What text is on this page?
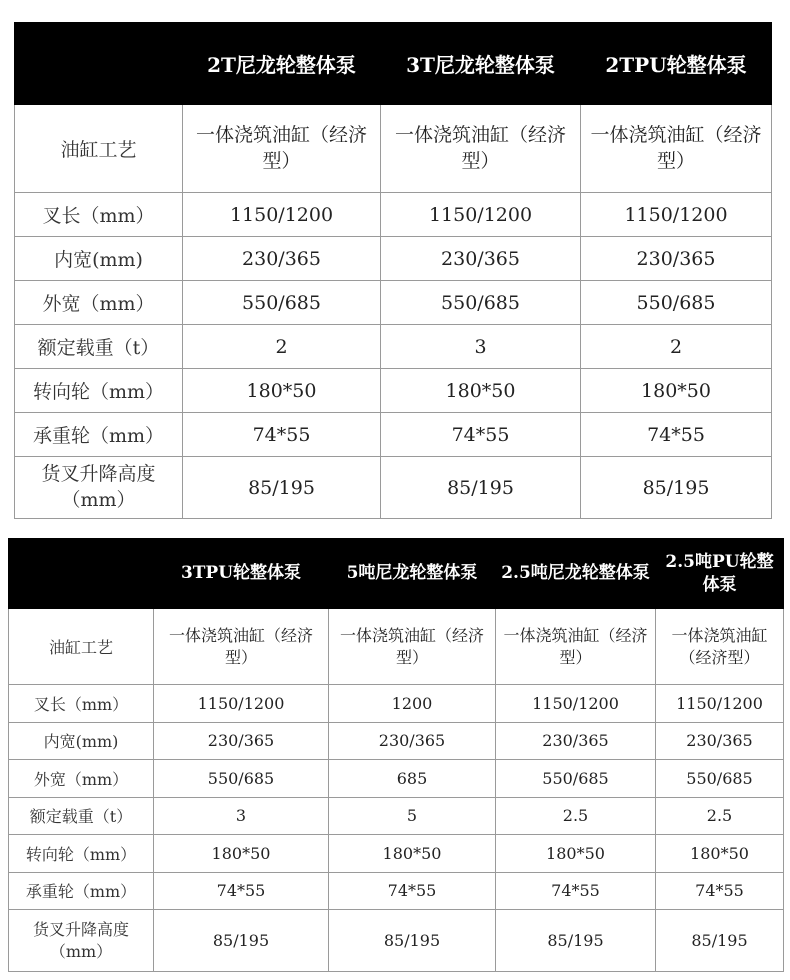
	2T尼龙轮整体泵	3T尼龙轮整体泵	2TPU轮整体泵
油缸工艺	一体浇筑油缸（经济型）	一体浇筑油缸（经济型）	一体浇筑油缸（经济型）
叉长（mm）	1150/1200	1150/1200	1150/1200
内宽(mm)	230/365	230/365	230/365
外宽（mm）	550/685	550/685	550/685
额定载重（t）	2	3	2
转向轮（mm）	180*50	180*50	180*50
承重轮（mm）	74*55	74*55	74*55
货叉升降高度（mm）	85/195	85/195	85/195
	3TPU轮整体泵	5吨尼龙轮整体泵	2.5吨尼龙轮整体泵	2.5吨PU轮整体泵
油缸工艺	一体浇筑油缸（经济型）	一体浇筑油缸（经济型）	一体浇筑油缸（经济型）	一体浇筑油缸（经济型）
叉长（mm）	1150/1200	1200	1150/1200	1150/1200
内宽(mm)	230/365	230/365	230/365	230/365
外宽（mm）	550/685	685	550/685	550/685
额定载重（t）	3	5	2.5	2.5
转向轮（mm）	180*50	180*50	180*50	180*50
承重轮（mm）	74*55	74*55	74*55	74*55
货叉升降高度（mm）	85/195	85/195	85/195	85/195
